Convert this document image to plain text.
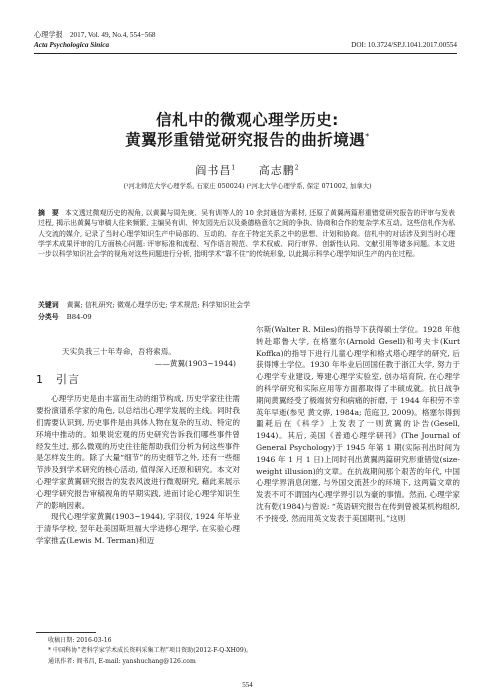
心理学报　2017, Vol. 49, No.4, 554−568
Acta Psychologica Sinica	DOI: 10.3724/SP.J.1041.2017.00554
信札中的微观心理学历史:
黄翼形重错觉研究报告的曲折境遇*
阎书昌$^1$ 高志鹏$^2$
(¹河北师范大学心理学系, 石家庄 050024) (²河北大学心理学系, 保定 071002, 加拿大)
摘　要 本文透过微观历史的视角, 以黄翼与周先庚、吴有训等人的 10 余封通信为素材, 还原了黄翼两篇形重错觉研究报告的评审与发表过程, 揭示出黄翼与审稿人往来频繁, 主编吴有训、钟友园先后以及桑德格意尔之间的争执、协商和合作的复杂学术互动。这些信札作为私人交流的媒介, 记录了当时心理学知识生产中局部的、互动的、存在于特定关系之中的思想、计划和协商。信札中的对话涉及到当时心理学学术成果评审的几方面核心问题: 评审标准和流程、写作语言规范、学术权威、同行审界、创新性认同、文献引用等诸多问题。本文进一步以科学知识社会学的视角对这些问题进行分析, 指明学术“靠不住”的传统形象, 以此揭示科学心理学知识生产的内在过程。
关键词 黄翼; 信札研究; 微观心理学历史; 学术规范; 科学知识社会学
分类号 B84-09

天实负我三十年寿命，吾将索焉。

——黄翼(1903~1944)

1　引言

心理学历史是由丰富而生动的细节构成, 历史学家往往需要扮演谱系学家的角色, 以总结出心理学发展的主线。同时我们需要认识到, 历史事件是由具体人物在复杂的互动、特定的环境中推动的。如果说宏观的历史研究告诉我们哪些事件曾经发生过, 那么微观的历史往往能帮助我们分析为何这些事件是怎样发生的。除了大量“细节”的历史细节之外, 还有一些细节涉及到学术研究的核心活动, 值得深入还原和研究。本文对心理学家黄翼研究报告的发表风波进行微观研究, 藉此来展示心理学研究报告审稿视角的早期实践, 进而讨论心理学知识生产的影响因素。

现代心理学家黄翼(1903~1944), 字羽仪, 1924 年毕业于清华学校, 翌年赴美国斯坦福大学进修心理学, 在实验心理学家推孟(Lewis M. Terman)和迈

尔斯(Walter R. Miles)的指导下获得硕士学位。1928 年他转赴耶鲁大学, 在格塞尔(Arnold Gesell)和考夫卡(Kurt Koffka)的指导下进行儿童心理学和格式塔心理学的研究, 后获得博士学位。1930 年毕业后回国任教于浙江大学, 努力于心理学专业建设, 筹建心理学实验室, 创办培育院, 在心理学的科学研究和实际应用等方面都取得了丰硕成就。抗日战争期间黄翼经受了极端贫穷和病痛的折磨, 于 1944 年积劳不幸英年早逝(参见 黄文骅, 1984a; 范庭卫, 2009)。格塞尔得到噩耗后在《科学》上发表了一则黄翼的讣告(Gesell, 1944)。其后, 美国《普通心理学研刊》(The Journal of General Psychology)于 1945 年第 1 期(实际刊出时间为 1946 年 1 月 1 日)上同时刊出黄翼两篇研究形重错觉(size-weight illusion)的文章。在抗战期间那个艰苦的年代, 中国心理学界消息闭塞, 与外国交流甚少的环境下, 这两篇文章的发表不可不谓国内心理学界引以为豪的事情。然而, 心理学家沈有乾(1984)与曾说: “英语研究报告在传到曾被某机构组织, 不予接受, 然而用英文发表于美国期刊。”这则

收稿日期: 2016-03-16
* 中国科协“老科学家学术成长资料采集工程”项目资助(2012-F-Q-XH09)。
通讯作者: 阎书昌, E-mail: yanshuchang@126.com
554
